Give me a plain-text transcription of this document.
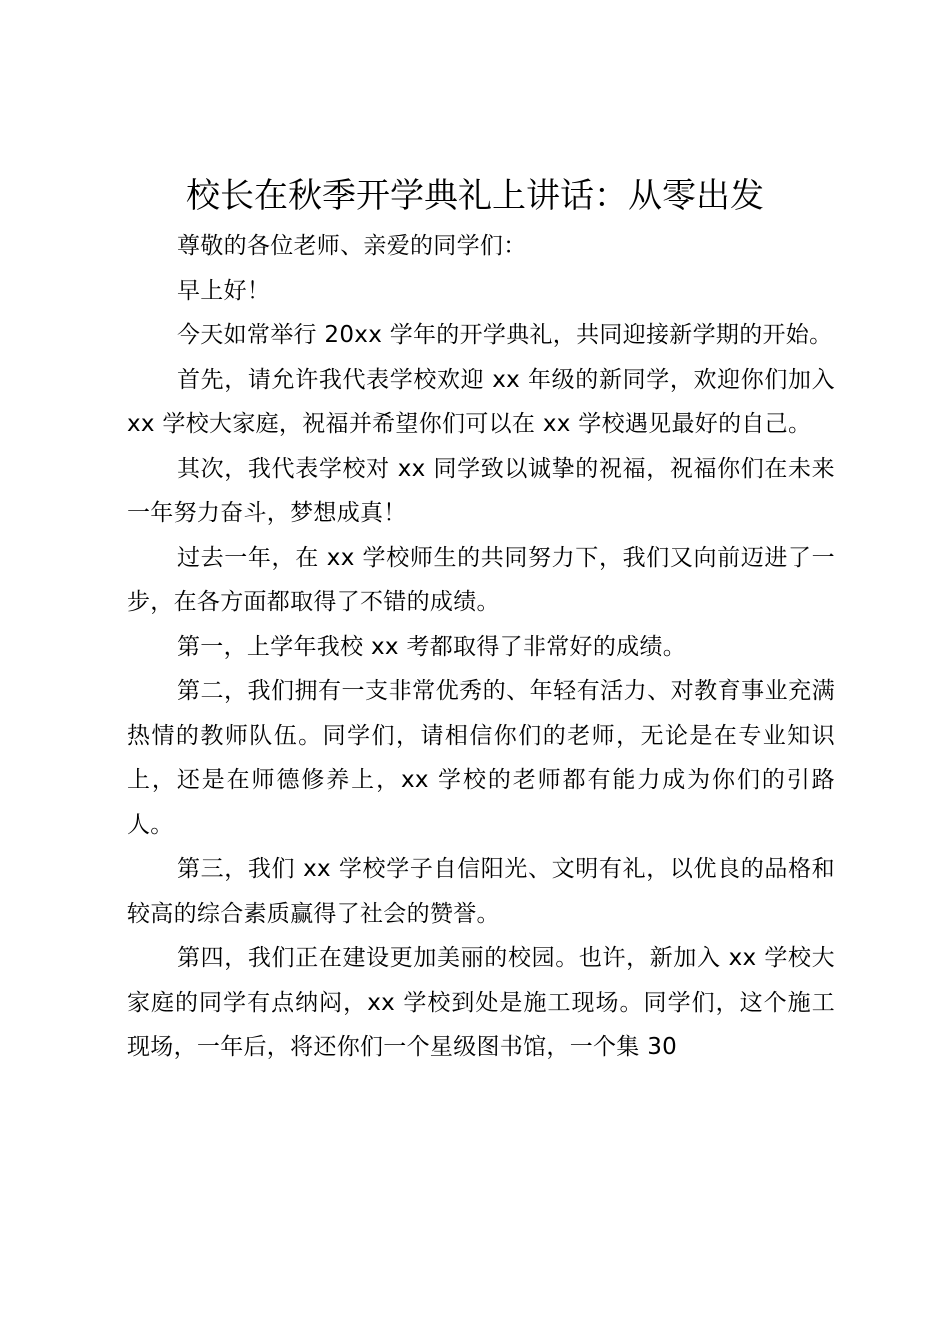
校长在秋季开学典礼上讲话：从零出发

尊敬的各位老师、亲爱的同学们：

早上好！

今天如常举行 20xx 学年的开学典礼，共同迎接新学期的开始。

首先，请允许我代表学校欢迎 xx 年级的新同学，欢迎你们加入 xx 学校大家庭，祝福并希望你们可以在 xx 学校遇见最好的自己。

其次，我代表学校对 xx 同学致以诚挚的祝福，祝福你们在未来一年努力奋斗，梦想成真！

过去一年，在 xx 学校师生的共同努力下，我们又向前迈进了一步，在各方面都取得了不错的成绩。

第一，上学年我校 xx 考都取得了非常好的成绩。

第二，我们拥有一支非常优秀的、年轻有活力、对教育事业充满热情的教师队伍。同学们，请相信你们的老师，无论是在专业知识上，还是在师德修养上，xx 学校的老师都有能力成为你们的引路人。

第三，我们 xx 学校学子自信阳光、文明有礼，以优良的品格和较高的综合素质赢得了社会的赞誉。

第四，我们正在建设更加美丽的校园。也许，新加入 xx 学校大家庭的同学有点纳闷，xx 学校到处是施工现场。同学们，这个施工现场，一年后，将还你们一个星级图书馆，一个集 30
